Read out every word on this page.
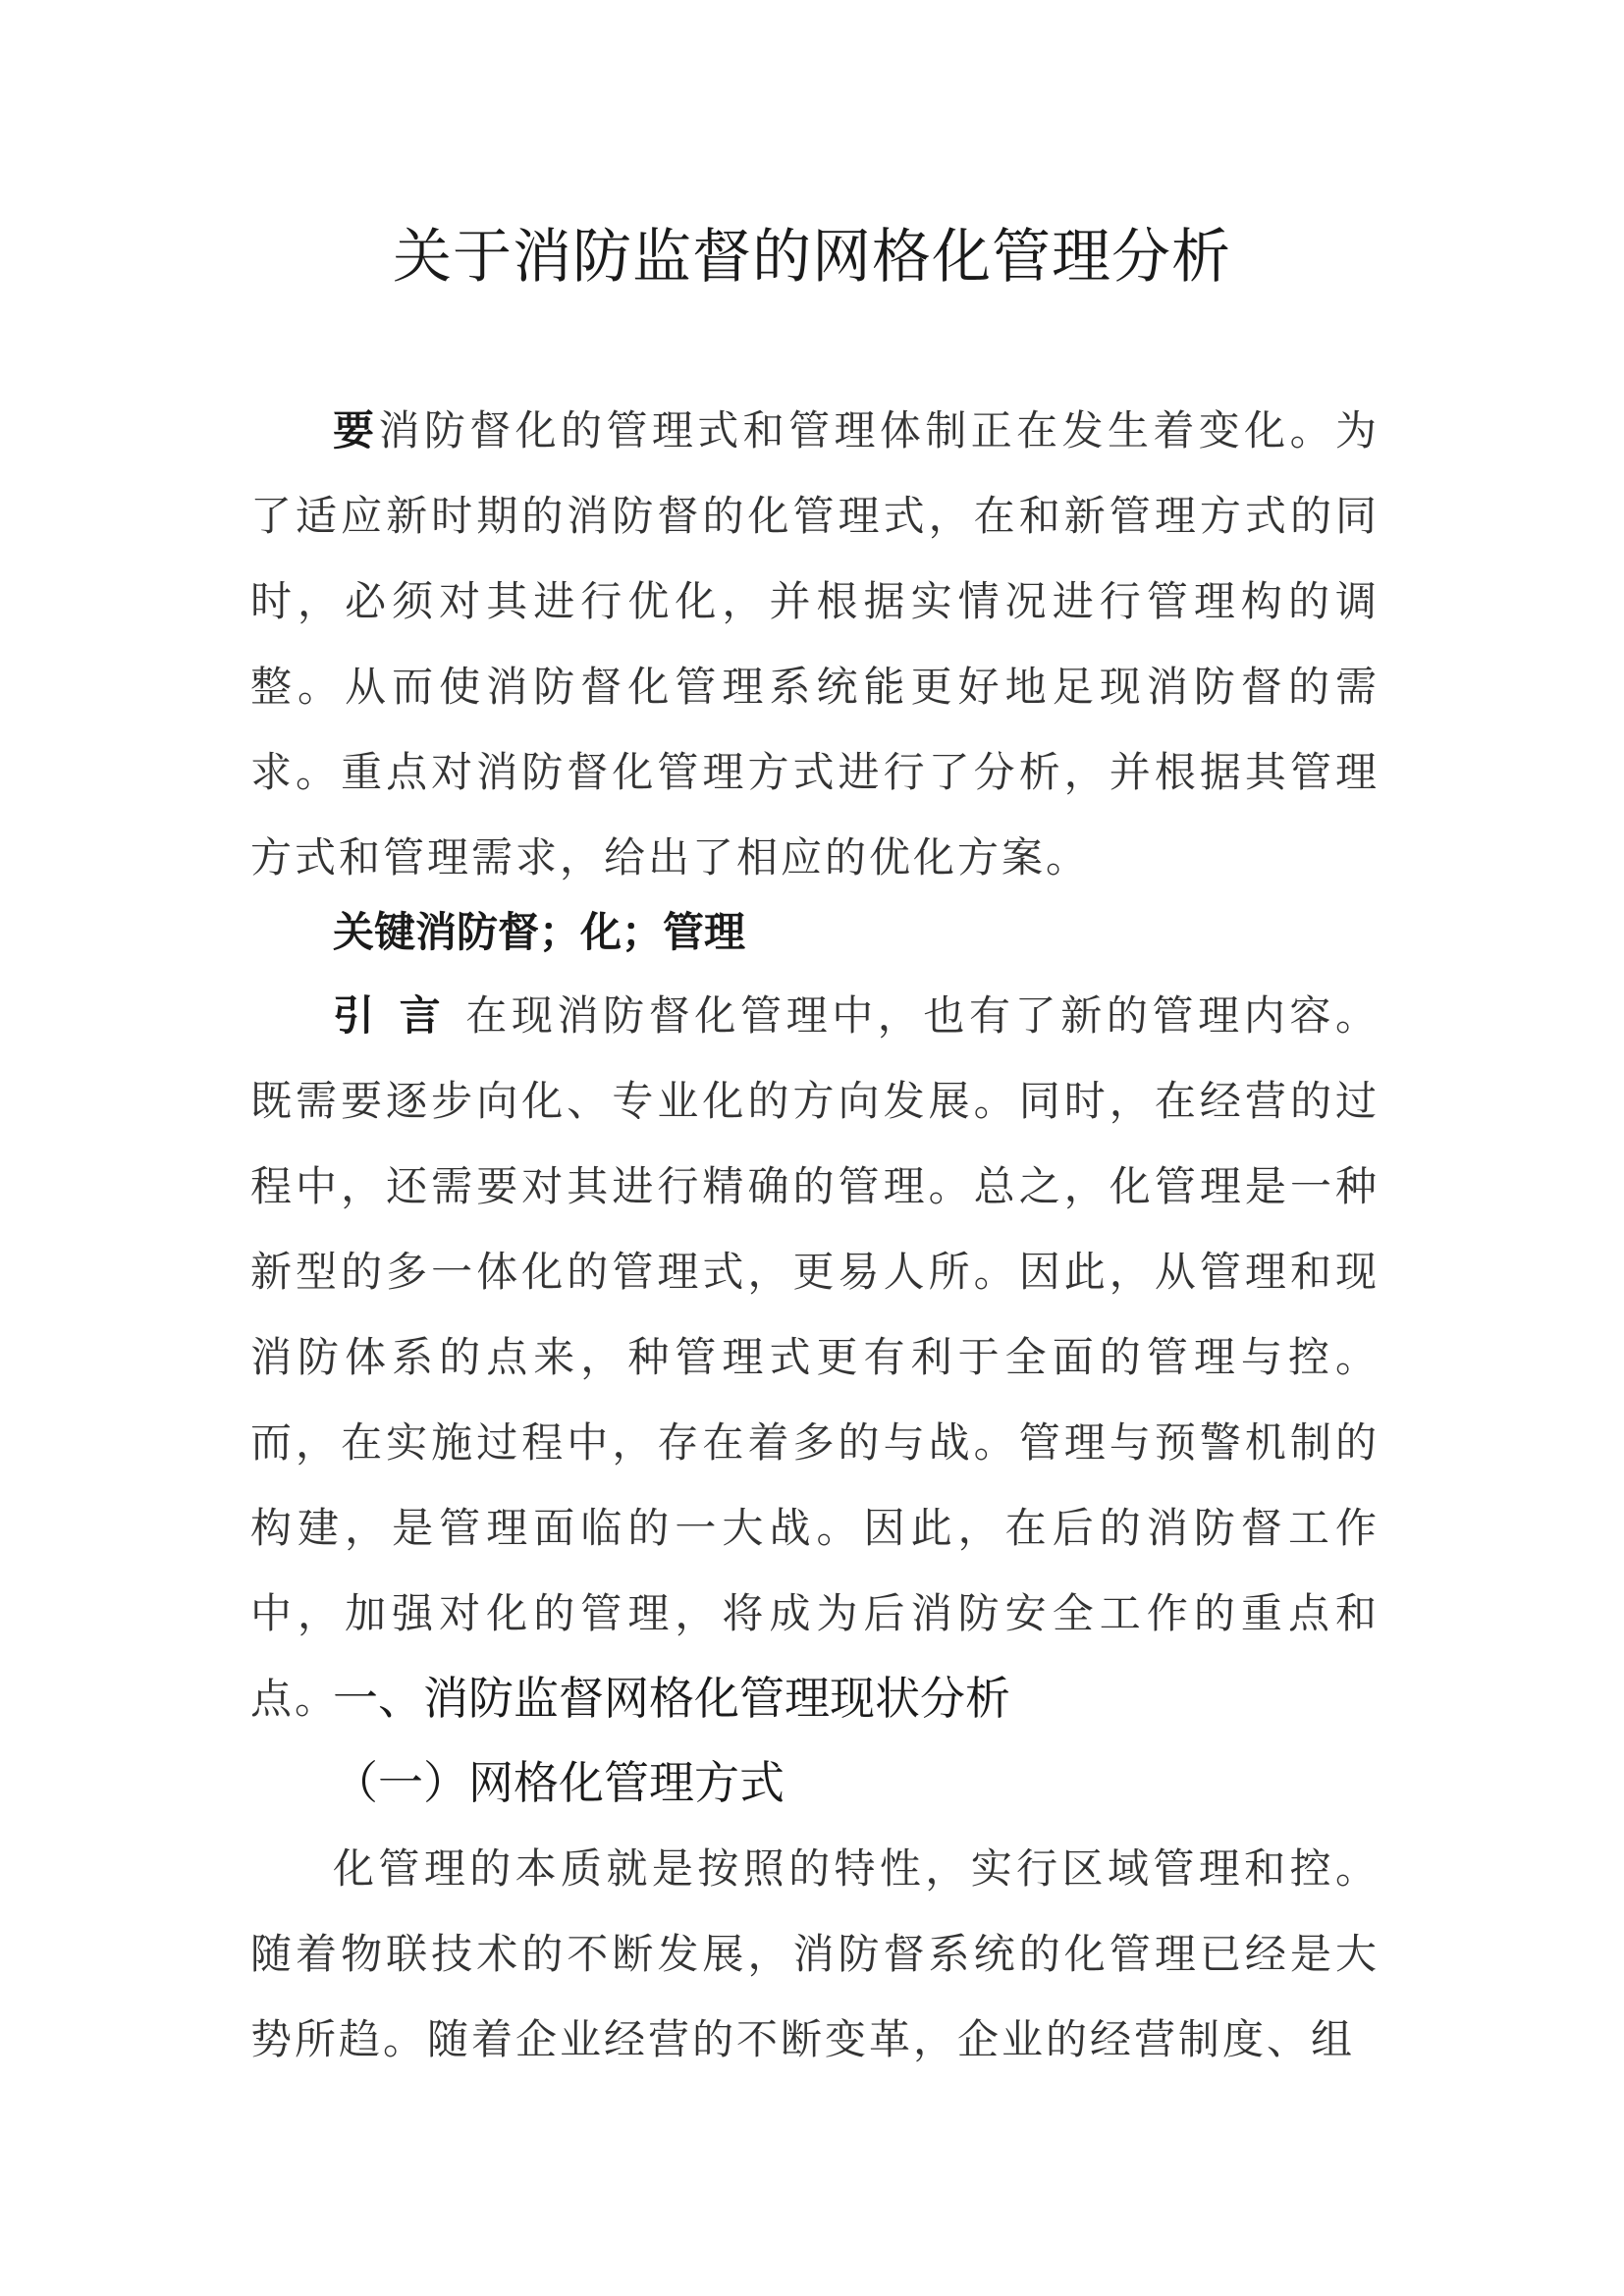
关于消防监督的网格化管理分析

要消防督化的管理式和管理体制正在发生着变化。为了适应新时期的消防督的化管理式，在和新管理方式的同时，必须对其进行优化，并根据实情况进行管理构的调整。从而使消防督化管理系统能更好地足现消防督的需求。重点对消防督化管理方式进行了分析，并根据其管理方式和管理需求，给出了相应的优化方案。

关键消防督；化；管理

引言在现消防督化管理中，也有了新的管理内容。既需要逐步向化、专业化的方向发展。同时，在经营的过程中，还需要对其进行精确的管理。总之，化管理是一种新型的多一体化的管理式，更易人所。因此，从管理和现消防体系的点来，种管理式更有利于全面的管理与控。而，在实施过程中，存在着多的与战。管理与预警机制的构建，是管理面临的一大战。因此，在后的消防督工作中，加强对化的管理，将成为后消防安全工作的重点和点。

一、消防监督网格化管理现状分析

（一）网格化管理方式

化管理的本质就是按照的特性，实行区域管理和控。随着物联技术的不断发展，消防督系统的化管理已经是大势所趋。随着企业经营的不断变革，企业的经营制度、组
